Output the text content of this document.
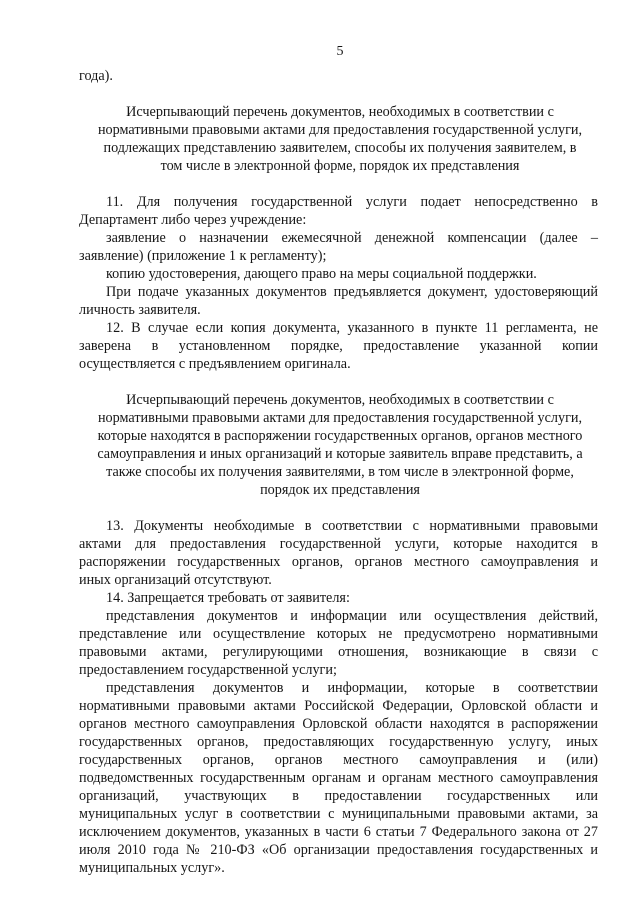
5
года).
Исчерпывающий перечень документов, необходимых в соответствии с
нормативными правовыми актами для предоставления государственной услуги,
подлежащих представлению заявителем, способы их получения заявителем, в
том числе в электронной форме, порядок их представления
11. Для получения государственной услуги подает непосредственно в
Департамент либо через учреждение:
заявление о назначении ежемесячной денежной компенсации (далее –
заявление) (приложение 1 к регламенту);
копию удостоверения, дающего право на меры социальной поддержки.
При подаче указанных документов предъявляется документ, удостоверяющий
личность заявителя.
12. В случае если копия документа, указанного в пункте 11 регламента, не
заверена в установленном порядке, предоставление указанной копии
осуществляется с предъявлением оригинала.
Исчерпывающий перечень документов, необходимых в соответствии с
нормативными правовыми актами для предоставления государственной услуги,
которые находятся в распоряжении государственных органов, органов местного
самоуправления и иных организаций и которые заявитель вправе представить, а
также способы их получения заявителями, в том числе в электронной форме,
порядок их представления
13. Документы необходимые в соответствии с нормативными правовыми
актами для предоставления государственной услуги, которые находится в
распоряжении государственных органов, органов местного самоуправления и
иных организаций отсутствуют.
14. Запрещается требовать от заявителя:
представления документов и информации или осуществления действий,
представление или осуществление которых не предусмотрено нормативными
правовыми актами, регулирующими отношения, возникающие в связи с
предоставлением государственной услуги;
представления документов и информации, которые в соответствии
нормативными правовыми актами Российской Федерации, Орловской области и
органов местного самоуправления Орловской области находятся в распоряжении
государственных органов, предоставляющих государственную услугу, иных
государственных органов, органов местного самоуправления и (или)
подведомственных государственным органам и органам местного самоуправления
организаций, участвующих в предоставлении государственных или
муниципальных услуг в соответствии с муниципальными правовыми актами, за
исключением документов, указанных в части 6 статьи 7 Федерального закона от 27
июля 2010 года № 210-ФЗ «Об организации предоставления государственных и
муниципальных услуг».
